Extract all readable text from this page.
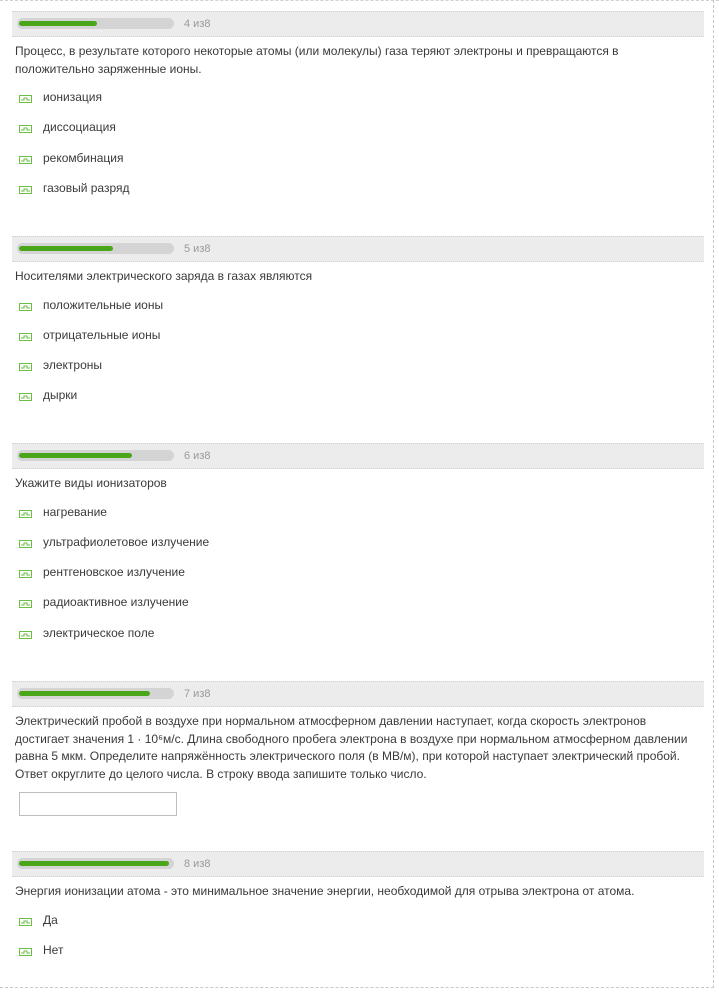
4 из8
Процесс, в результате которого некоторые атомы (или молекулы) газа теряют электроны и превращаются в положительно заряженные ионы.
ионизация
диссоциация
рекомбинация
газовый разряд
5 из8
Носителями электрического заряда в газах являются
положительные ионы
отрицательные ионы
электроны
дырки
6 из8
Укажите виды ионизаторов
нагревание
ультрафиолетовое излучение
рентгеновское излучение
радиоактивное излучение
электрическое поле
7 из8
Электрический пробой в воздухе при нормальном атмосферном давлении наступает, когда скорость электронов достигает значения 1 · 10⁶м/с. Длина свободного пробега электрона в воздухе при нормальном атмосферном давлении равна 5 мкм. Определите напряжённость электрического поля (в МВ/м), при которой наступает электрический пробой. Ответ округлите до целого числа. В строку ввода запишите только число.
8 из8
Энергия ионизации атома - это минимальное значение энергии, необходимой для отрыва электрона от атома.
Да
Нет
